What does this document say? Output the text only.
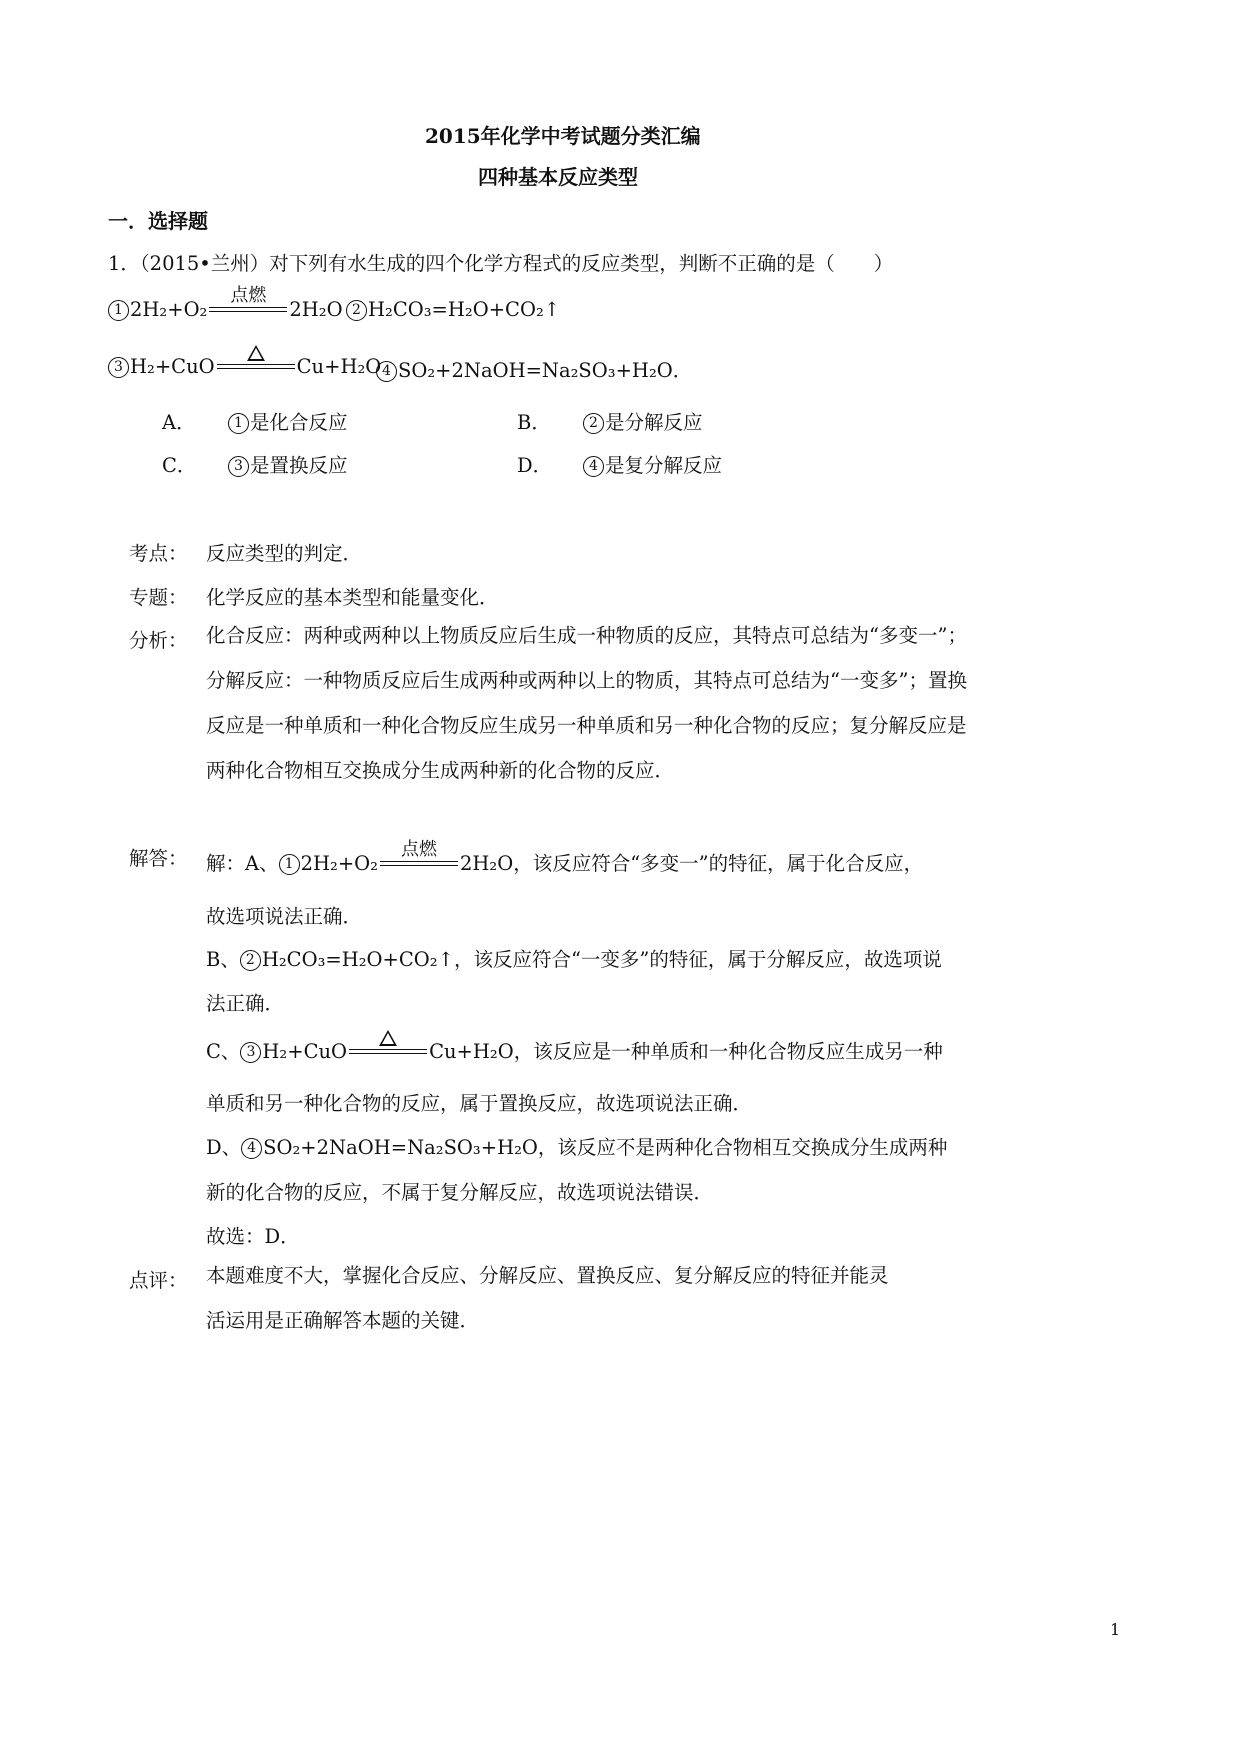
2015年化学中考试题分类汇编
四种基本反应类型
一．选择题
1．（2015•兰州）对下列有水生成的四个化学方程式的反应类型，判断不正确的是（　　）
1 2H₂+O₂
点燃
2H₂O 2 H₂CO₃=H₂O+CO₂↑
3 H₂+CuO	Cu+H₂O 4 SO₂+2NaOH=Na₂SO₃+H₂O．
A．	1 是化合反应	B．	2 是分解反应
C．	3 是置换反应	D．	4 是复分解反应
考点： 反应类型的判定．
专题： 化学反应的基本类型和能量变化．
分析： 化合反应：两种或两种以上物质反应后生成一种物质的反应，其特点可总结为“多变一”； 分解反应：一种物质反应后生成两种或两种以上的物质，其特点可总结为“一变多”；置换反应是一种单质和一种化合物反应生成另一种单质和另一种化合物的反应；复分解反应是两种化合物相互交换成分生成两种新的化合物的反应．
解答： 解：A、 1 2H₂+O₂
点燃
2H₂O，该反应符合“多变一”的特征，属于化合反应，
故选项说法正确．
B、 2 H₂CO₃=H₂O+CO₂↑，该反应符合“一变多”的特征，属于分解反应，故选项说
法正确．
C、 3 H₂+CuO	Cu+H₂O，该反应是一种单质和一种化合物反应生成另一种
单质和另一种化合物的反应，属于置换反应，故选项说法正确．
D、 4 SO₂+2NaOH=Na₂SO₃+H₂O，该反应不是两种化合物相互交换成分生成两种
新的化合物的反应，不属于复分解反应，故选项说法错误．
故选：D．
点评： 本题难度不大，掌握化合反应、分解反应、置换反应、复分解反应的特征并能灵活运用是正确解答本题的关键．
1
